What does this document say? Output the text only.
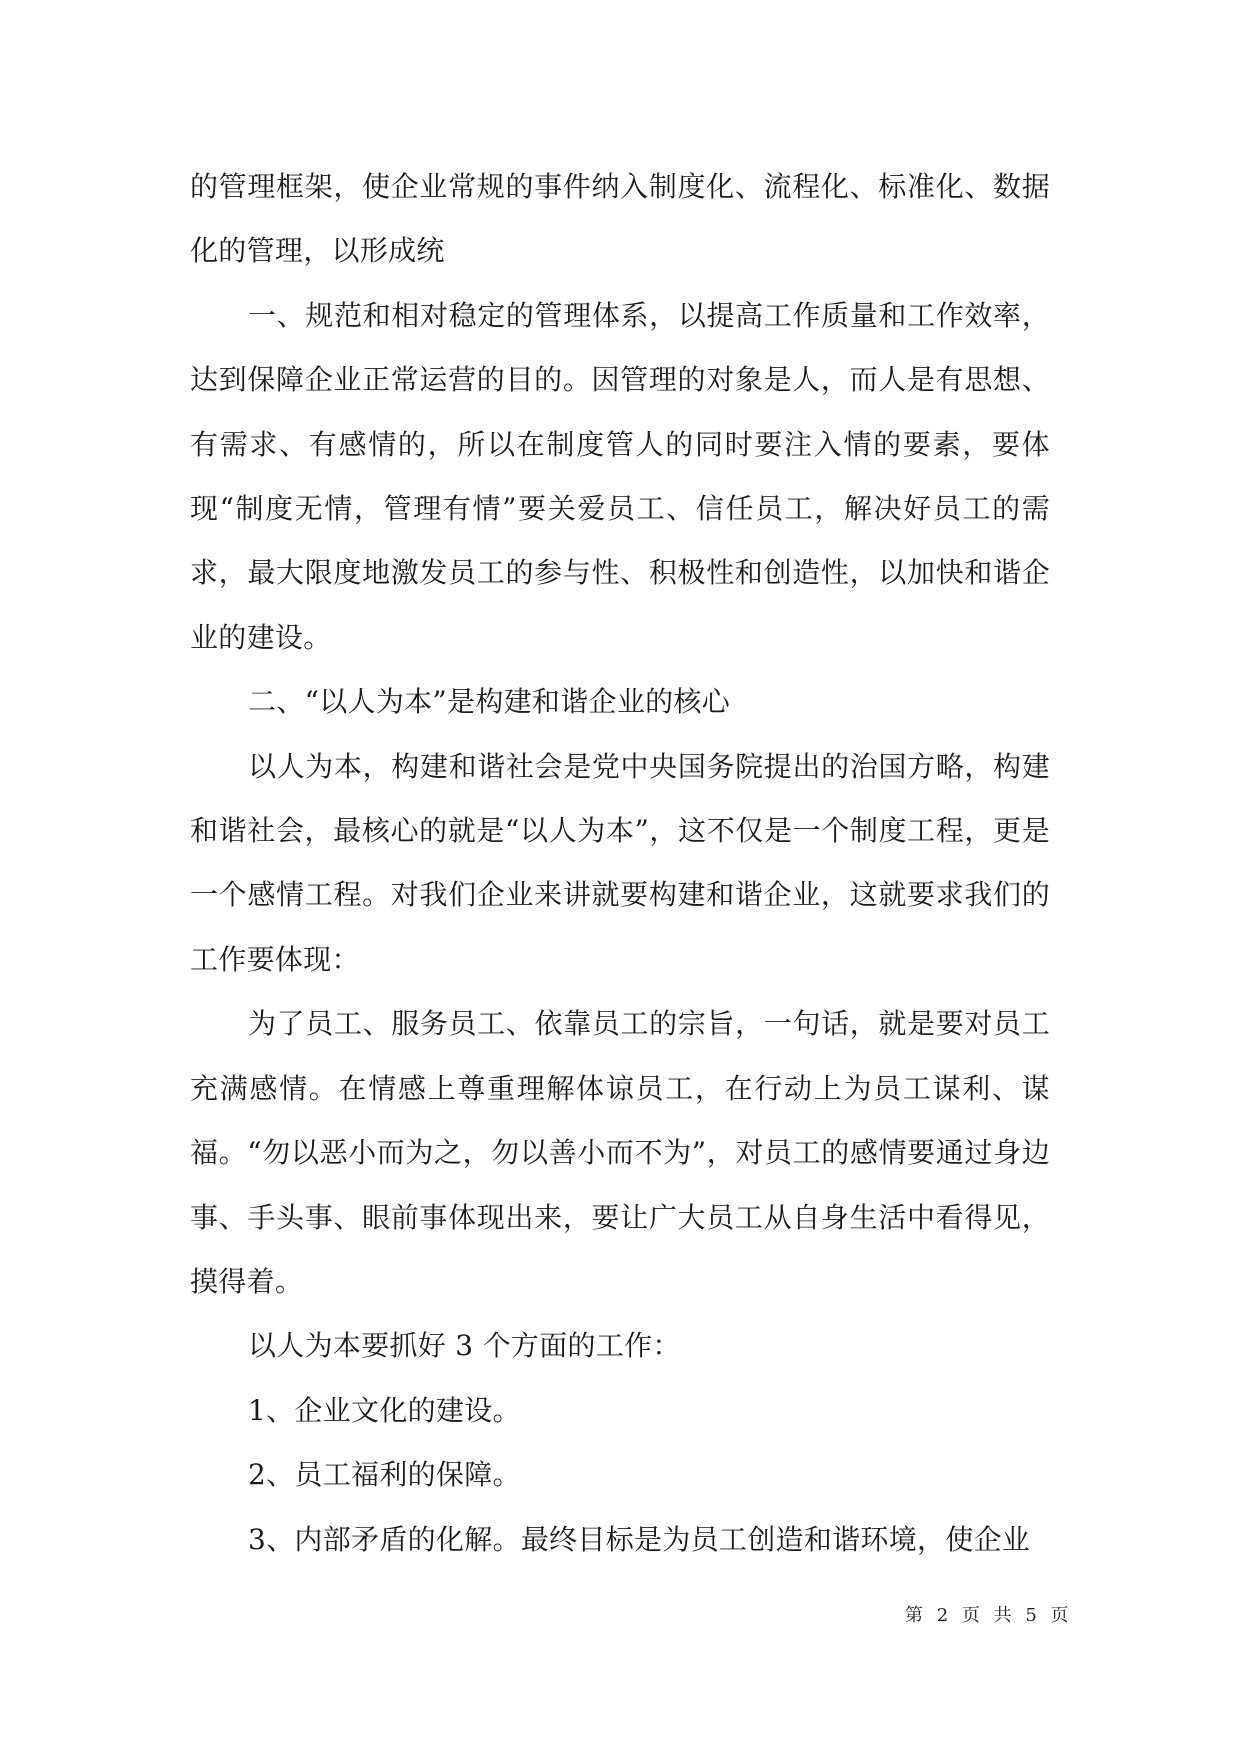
的管理框架，使企业常规的事件纳入制度化、流程化、标准化、数据化的管理，以形成统

一、规范和相对稳定的管理体系，以提高工作质量和工作效率，达到保障企业正常运营的目的。因管理的对象是人，而人是有思想、有需求、有感情的，所以在制度管人的同时要注入情的要素，要体现“制度无情，管理有情”要关爱员工、信任员工，解决好员工的需求，最大限度地激发员工的参与性、积极性和创造性，以加快和谐企业的建设。

二、“以人为本”是构建和谐企业的核心

以人为本，构建和谐社会是党中央国务院提出的治国方略，构建和谐社会，最核心的就是“以人为本”，这不仅是一个制度工程，更是一个感情工程。对我们企业来讲就要构建和谐企业，这就要求我们的工作要体现：

为了员工、服务员工、依靠员工的宗旨，一句话，就是要对员工充满感情。在情感上尊重理解体谅员工，在行动上为员工谋利、谋福。“勿以恶小而为之，勿以善小而不为”，对员工的感情要通过身边事、手头事、眼前事体现出来，要让广大员工从自身生活中看得见，摸得着。

以人为本要抓好 3 个方面的工作：

1、企业文化的建设。

2、员工福利的保障。

3、内部矛盾的化解。最终目标是为员工创造和谐环境，使企业

第 2 页 共 5 页
